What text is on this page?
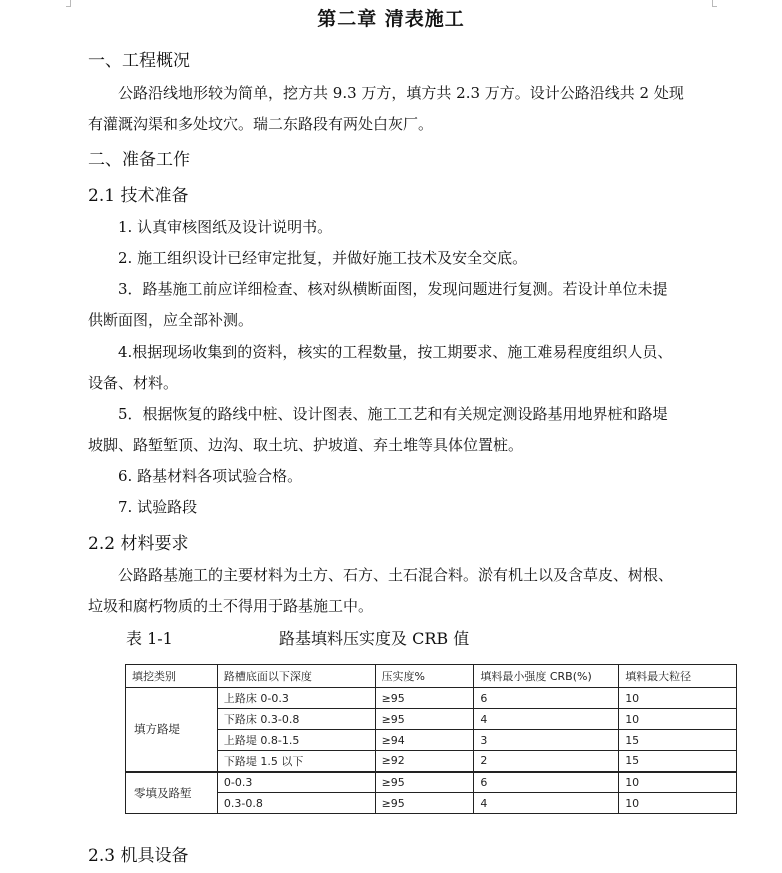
第二章 清表施工
一、工程概况
公路沿线地形较为简单，挖方共 9.3 万方，填方共 2.3 万方。设计公路沿线共 2 处现
有灌溉沟渠和多处坟穴。瑞二东路段有两处白灰厂。
二、准备工作
2.1 技术准备
1. 认真审核图纸及设计说明书。
2. 施工组织设计已经审定批复，并做好施工技术及安全交底。
3．路基施工前应详细检查、核对纵横断面图，发现问题进行复测。若设计单位未提
供断面图，应全部补测。
4.根据现场收集到的资料，核实的工程数量，按工期要求、施工难易程度组织人员、
设备、材料。
5．根据恢复的路线中桩、设计图表、施工工艺和有关规定测设路基用地界桩和路堤
坡脚、路堑堑顶、边沟、取土坑、护坡道、弃土堆等具体位置桩。
6. 路基材料各项试验合格。
7. 试验路段
2.2 材料要求
公路路基施工的主要材料为土方、石方、土石混合料。淤有机土以及含草皮、树根、
垃圾和腐朽物质的土不得用于路基施工中。
表 1-1	路基填料压实度及 CRB 值
填挖类别	路槽底面以下深度	压实度%	填料最小强度 CRB(%)	填料最大粒径
填方路堤	上路床 0-0.3	≥95	6	10
	下路床 0.3-0.8	≥95	4	10
	上路堤 0.8-1.5	≥94	3	15
	下路堤 1.5 以下	≥92	2	15
零填及路堑	0-0.3	≥95	6	10
	0.3-0.8	≥95	4	10
2.3 机具设备
